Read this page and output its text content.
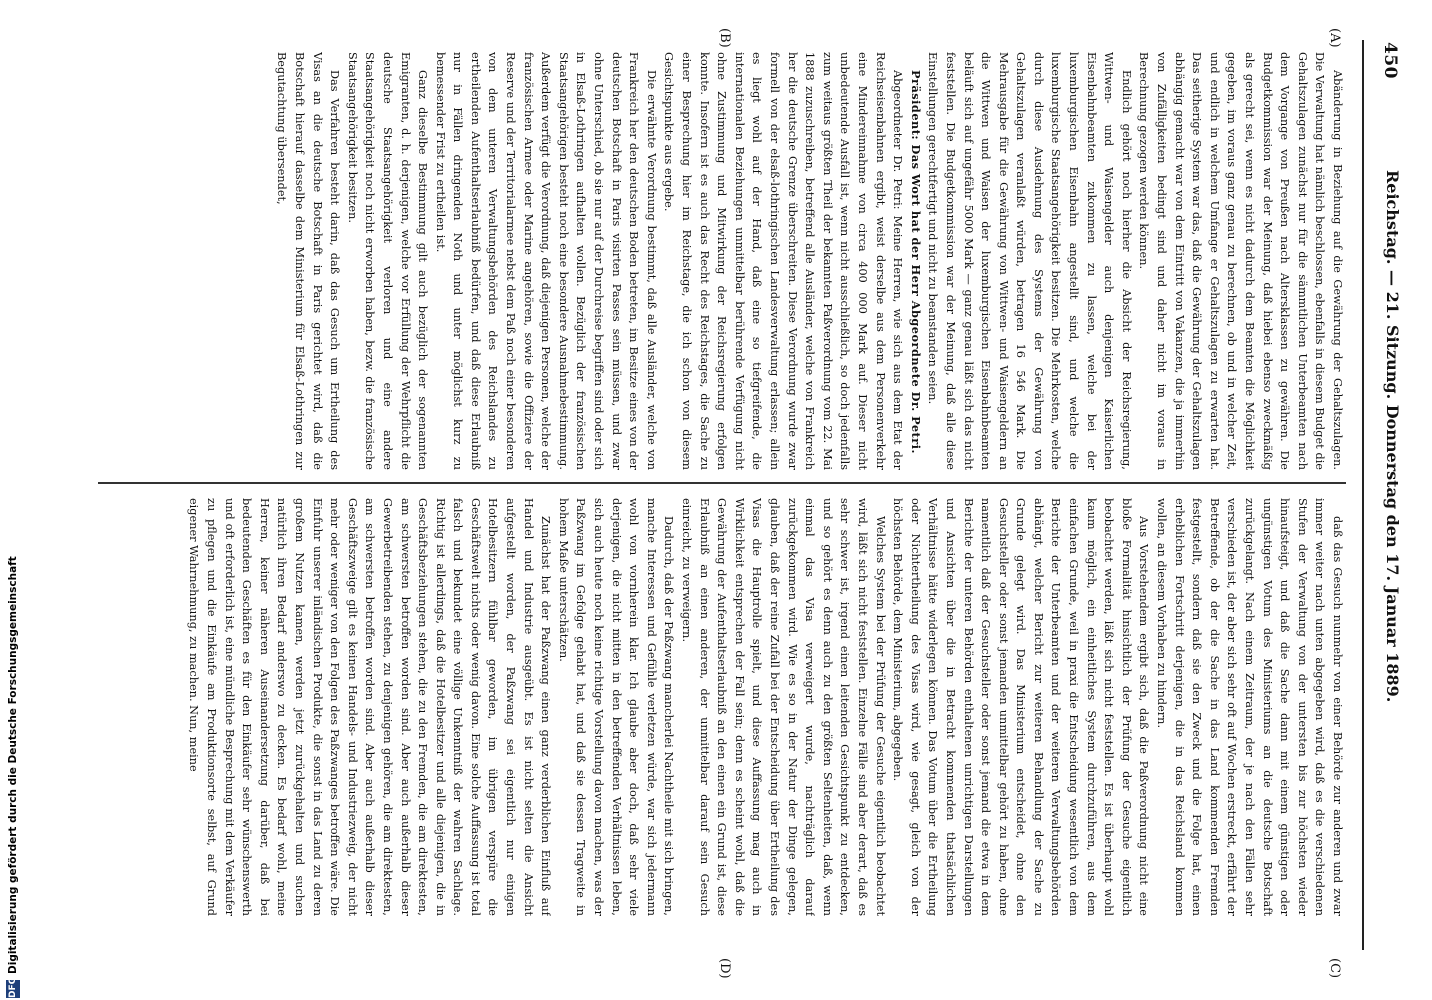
450
Reichstag. — 21. Sitzung. Donnerstag den 17. Januar 1889.
(A)
(B)
(C)
(D)

Abänderung in Beziehung auf die Gewährung der Gehaltszulagen. Die Verwaltung hat nämlich beschlossen, ebenfalls in diesem Budget die Gehaltszulagen zunächst nur für die sämmtlichen Unterbeamten nach dem Vorgange von Preußen nach Altersklassen zu gewähren. Die Budgetkommission war der Meinung, daß hiebei ebenso zweckmäßig als gerecht sei, wenn es nicht dadurch dem Beamten die Möglichkeit gegeben, im voraus ganz genau zu berechnen, ob und in welcher Zeit, und endlich in welchem Umfange er Gehaltszulagen zu erwarten hat. Das seitherige System war das, daß die Gewährung der Gehaltszulagen abhängig gemacht war von dem Eintritt von Vakanzen, die ja immerhin von Zufälligkeiten bedingt sind und daher nicht im voraus in Berechnung gezogen werden können.

Endlich gehört noch hierher die Absicht der Reichsregierung, Wittwen- und Waisengelder auch denjenigen Kaiserlichen Eisenbahnbeamten zukommen zu lassen, welche bei der luxemburgischen Eisenbahn angestellt sind, und welche die luxemburgische Staatsangehörigkeit besitzen. Die Mehrkosten, welche durch diese Ausdehnung des Systems der Gewährung von Gehaltszulagen veranlaßt würden, betragen 16 546 Mark. Die Mehrausgabe für die Gewährung von Wittwen- und Waisengeldern an die Wittwen und Waisen der luxemburgischen Eisenbahnbeamten beläuft sich auf ungefähr 5000 Mark — ganz genau läßt sich das nicht feststellen. Die Budgetkommission war der Meinung, daß alle diese Einstellungen gerechtfertigt und nicht zu beanstanden seien.

Präsident: Das Wort hat der Herr Abgeordnete Dr. Petri.

Abgeordneter Dr. Petri: Meine Herren, wie sich aus dem Etat der Reichseisenbahnen ergibt, weist derselbe aus dem Personenverkehr eine Mindereinnahme von circa 400 000 Mark auf. Dieser nicht unbedeutende Ausfall ist, wenn nicht ausschließlich, so doch jedenfalls zum weitaus größten Theil der bekannten Paßverordnung vom 22. Mai 1888 zuzuschreiben, betreffend alle Ausländer, welche von Frankreich her die deutsche Grenze überschreiten. Diese Verordnung wurde zwar formell von der elsaß-lothringischen Landesverwaltung erlassen; allein es liegt wohl auf der Hand, daß eine so tiefgreifende, die internationalen Beziehungen unmittelbar berührende Verfügung nicht ohne Zustimmung und Mitwirkung der Reichsregierung erfolgen konnte. Insofern ist es auch das Recht des Reichstages, die Sache zu einer Besprechung hier im Reichstage, die ich schon von diesem Gesichtspunkte aus ergebe.

Die erwähnte Verordnung bestimmt, daß alle Ausländer, welche von Frankreich her den deutschen Boden betreten, im Besitze eines von der deutschen Botschaft in Paris visirten Passes sein müssen, und zwar ohne Unterschied, ob sie nur auf der Durchreise begriffen sind oder sich in Elsaß-Lothringen aufhalten wollen. Bezüglich der französischen Staatsangehörigen besteht noch eine besondere Ausnahmebestimmung. Außerdem verfügt die Verordnung, daß diejenigen Personen, welche der französischen Armee oder Marine angehören, sowie die Offiziere der Reserve und der Territorialarmee nebst dem Paß noch einer besonderen von dem unteren Verwaltungsbehörden des Reichslandes zu ertheilenden Aufenthaltserlaubniß bedürfen, und daß diese Erlaubniß nur in Fällen dringenden Noth und unter möglichst kurz zu bemessender Frist zu ertheilen ist.

Ganz dieselbe Bestimmung gilt auch bezüglich der sogenannten Emigranten, d. h. derjenigen, welche vor Erfüllung der Wehrpflicht die deutsche Staatsangehörigkeit verloren und eine andere Staatsangehörigkeit noch nicht erworben haben, bezw. die französische Staatsangehörigkeit besitzen.

Das Verfahren besteht darin, daß das Gesuch um Ertheilung des Visas an die deutsche Botschaft in Paris gerichtet wird, daß die Botschaft hierauf dasselbe dem Ministerium für Elsaß-Lothringen zur Begutachtung übersendet,

daß das Gesuch nunmehr von einer Behörde zur anderen und zwar immer weiter nach unten abgegeben wird, daß es die verschiedenen Stufen der Verwaltung von der untersten bis zur höchsten wieder hinaufsteigt, und daß die Sache dann mit einem günstigen oder ungünstigen Votum des Ministeriums an die deutsche Botschaft zurückgelangt. Nach einem Zeitraum, der je nach den Fällen sehr verschieden ist, der aber sich sehr oft auf Wochen erstreckt, erfährt der Betreffende, ob der die Sache in das Land kommenden Fremden festgestellt, sondern daß sie den Zweck und die Folge hat, einen erheblichen Fortschritt derjenigen, die in das Reichsland kommen wollen, an diesem Vorhaben zu hindern.

Aus Vorstehendem ergibt sich, daß die Paßverordnung nicht eine bloße Formalität hinsichtlich der Prüfung der Gesuche eigentlich beobachtet werden, läßt sich nicht feststellen. Es ist überhaupt wohl kaum möglich, ein einheitliches System durchzuführen, aus dem einfachen Grunde, weil in praxi die Entscheidung wesentlich von dem Berichte der Unterbeamten und der weiteren Verwaltungsbehörden abhängt, welcher Bericht zur weiteren Behandlung der Sache zu Grunde gelegt wird. Das Ministerium entscheidet, ohne den Gesuchsteller oder sonst jemanden unmittelbar gehört zu haben, ohne namentlich daß der Gesuchsteller oder sonst jemand die etwa in dem Berichte der unteren Behörden enthaltenen unrichtigen Darstellungen und Ansichten über die in Betracht kommenden thatsächlichen Verhältnisse hätte widerlegen können. Das Votum über die Ertheilung oder Nichtertheilung des Visas wird, wie gesagt, gleich von der höchsten Behörde, dem Ministerium, abgegeben.

Welches System bei der Prüfung der Gesuche eigentlich beobachtet wird, läßt sich nicht feststellen. Einzelne Fälle sind aber derart, daß es sehr schwer ist, irgend einen leitenden Gesichtspunkt zu entdecken, und so gehört es denn auch zu den größten Seltenheiten, daß, wenn einmal das Visa verweigert wurde, nachträglich darauf zurückgekommen wird. Wie es so in der Natur der Dinge gelegen, glauben, daß der reine Zufall bei der Entscheidung über Ertheilung des Visas die Hauptrolle spielt, und diese Auffassung mag auch in Wirklichkeit entsprechen der Fall sein; denn es scheint wohl, daß die Gewährung der Aufenthaltserlaubniß an den einen ein Grund ist, diese Erlaubniß an einen anderen, der unmittelbar darauf sein Gesuch einreicht, zu verweigern.

Dadurch, daß der Paßzwang mancherlei Nachtheile mit sich bringen, manche Interessen und Gefühle verletzen würde, war sich jedermann wohl von vornherein klar. Ich glaube aber doch, daß sehr viele derjenigen, die nicht mitten in den betreffenden Verhältnissen leben, sich auch heute noch keine richtige Vorstellung davon machen, was der Paßzwang im Gefolge gehabt hat, und daß sie dessen Tragweite in hohem Maße unterschätzen.

Zunächst hat der Paßzwang einen ganz verderblichen Einfluß auf Handel und Industrie ausgeübt. Es ist nicht selten die Ansicht aufgestellt worden, der Paßzwang sei eigentlich nur einigen Hotelbesitzern fühlbar geworden, im übrigen verspüre die Geschäftswelt nichts oder wenig davon. Eine solche Auffassung ist total falsch und bekundet eine völlige Unkenntniß der wahren Sachlage. Richtig ist allerdings, daß die Hotelbesitzer und alle diejenigen, die in Geschäftsbeziehungen stehen, die zu den Fremden, die am direktesten, am schwersten betroffen worden sind. Aber auch außerhalb dieser Gewerbetreibenden stehen, zu denjenigen gehören, die am direktesten, am schwersten betroffen worden sind. Aber auch außerhalb dieser Geschäftszweige gilt es keinen Handels- und Industriezweig, der nicht mehr oder weniger von den Folgen des Paßzwanges betroffen wäre. Die Einfuhr unserer inländischen Produkte, die sonst in das Land zu deren großem Nutzen kamen, werden jetzt zurückgehalten und suchen natürlich ihren Bedarf anderswo zu decken. Es bedarf wohl, meine Herren, keiner näheren Auseinandersetzung darüber, daß bei bedeutenden Geschäften es für den Einkäufer sehr wünschenswerth und oft erforderlich ist, eine mündliche Besprechung mit dem Verkäufer zu pflegen und die Einkäufe am Produktionsorte selbst, auf Grund eigener Wahrnehmung, zu machen. Nun, meine

DFG
Digitalisierung gefördert durch die Deutsche Forschungsgemeinschaft
